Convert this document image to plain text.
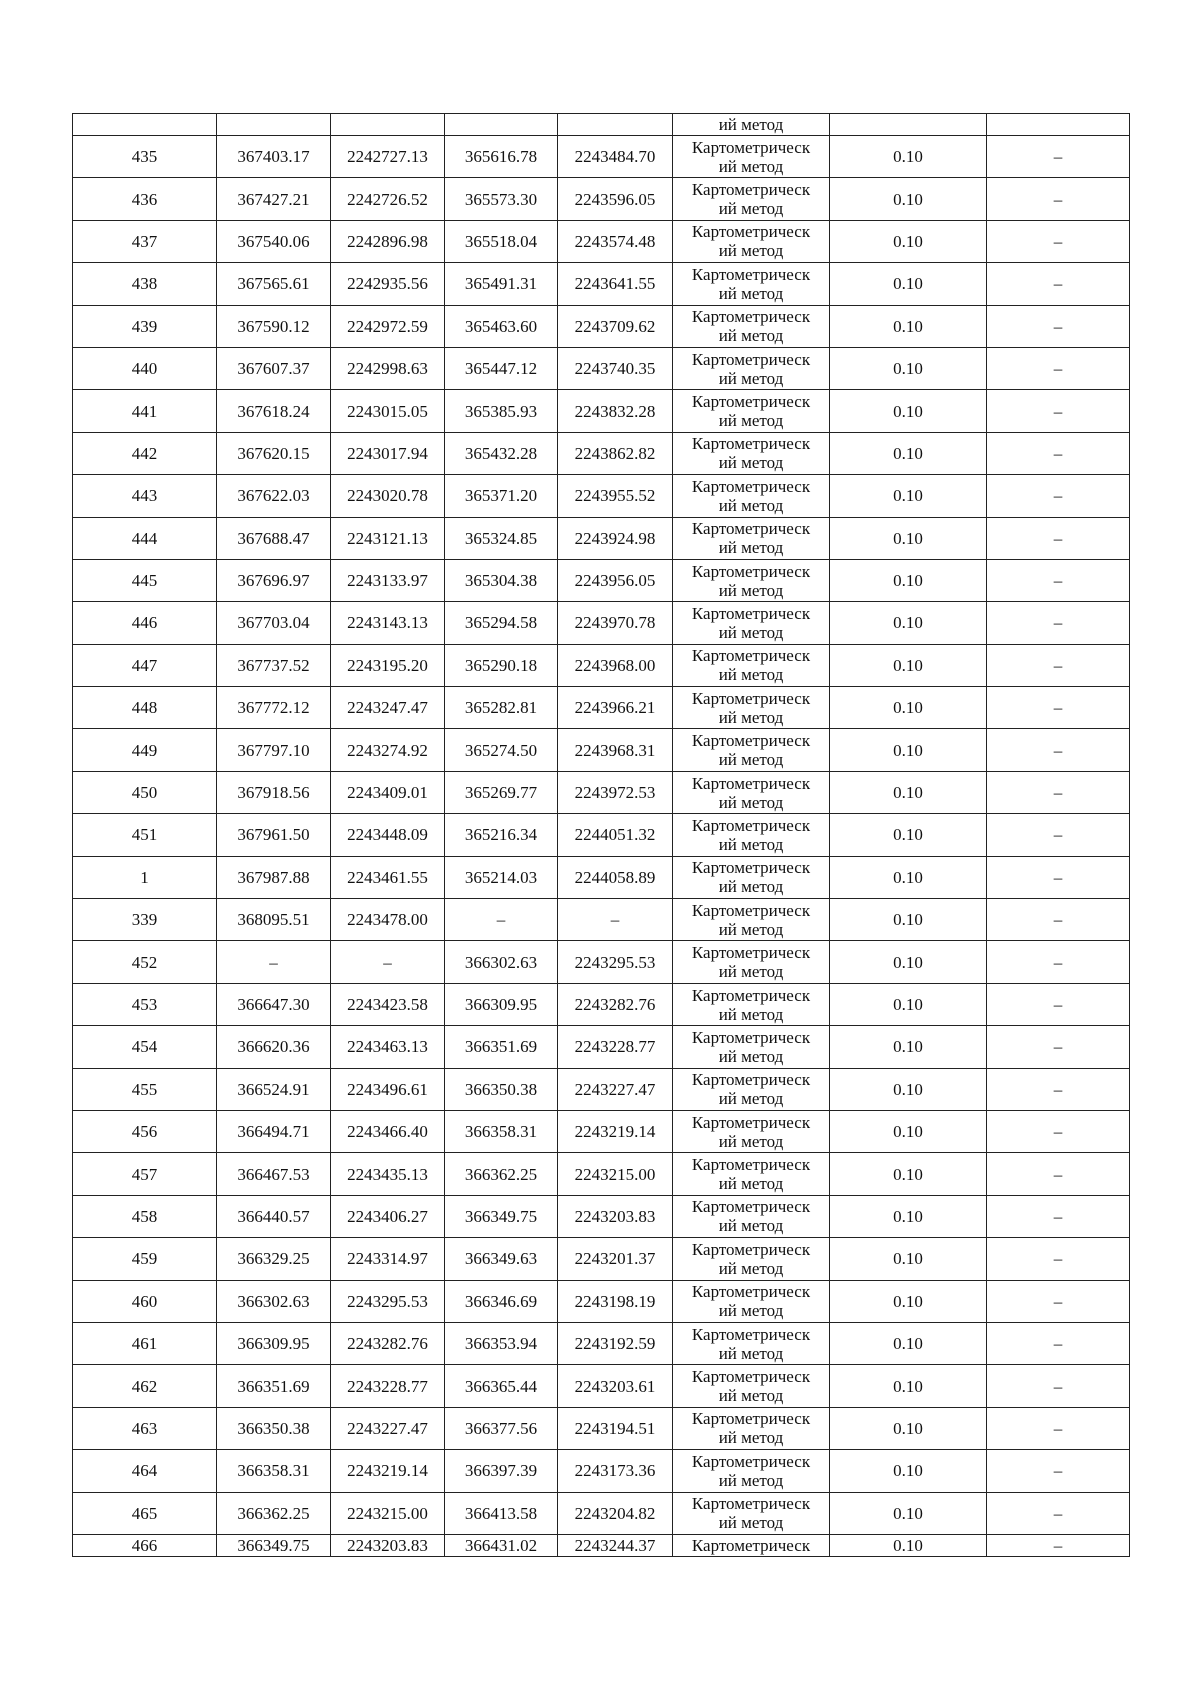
					ий метод		

435	367403.17	2242727.13	365616.78	2243484.70	Картометрическ
ий метод	0.10	–
436	367427.21	2242726.52	365573.30	2243596.05	Картометрическ
ий метод	0.10	–
437	367540.06	2242896.98	365518.04	2243574.48	Картометрическ
ий метод	0.10	–
438	367565.61	2242935.56	365491.31	2243641.55	Картометрическ
ий метод	0.10	–
439	367590.12	2242972.59	365463.60	2243709.62	Картометрическ
ий метод	0.10	–
440	367607.37	2242998.63	365447.12	2243740.35	Картометрическ
ий метод	0.10	–
441	367618.24	2243015.05	365385.93	2243832.28	Картометрическ
ий метод	0.10	–
442	367620.15	2243017.94	365432.28	2243862.82	Картометрическ
ий метод	0.10	–
443	367622.03	2243020.78	365371.20	2243955.52	Картометрическ
ий метод	0.10	–
444	367688.47	2243121.13	365324.85	2243924.98	Картометрическ
ий метод	0.10	–
445	367696.97	2243133.97	365304.38	2243956.05	Картометрическ
ий метод	0.10	–
446	367703.04	2243143.13	365294.58	2243970.78	Картометрическ
ий метод	0.10	–
447	367737.52	2243195.20	365290.18	2243968.00	Картометрическ
ий метод	0.10	–
448	367772.12	2243247.47	365282.81	2243966.21	Картометрическ
ий метод	0.10	–
449	367797.10	2243274.92	365274.50	2243968.31	Картометрическ
ий метод	0.10	–
450	367918.56	2243409.01	365269.77	2243972.53	Картометрическ
ий метод	0.10	–
451	367961.50	2243448.09	365216.34	2244051.32	Картометрическ
ий метод	0.10	–
1	367987.88	2243461.55	365214.03	2244058.89	Картометрическ
ий метод	0.10	–
339	368095.51	2243478.00	–	–	Картометрическ
ий метод	0.10	–
452	–	–	366302.63	2243295.53	Картометрическ
ий метод	0.10	–
453	366647.30	2243423.58	366309.95	2243282.76	Картометрическ
ий метод	0.10	–
454	366620.36	2243463.13	366351.69	2243228.77	Картометрическ
ий метод	0.10	–
455	366524.91	2243496.61	366350.38	2243227.47	Картометрическ
ий метод	0.10	–
456	366494.71	2243466.40	366358.31	2243219.14	Картометрическ
ий метод	0.10	–
457	366467.53	2243435.13	366362.25	2243215.00	Картометрическ
ий метод	0.10	–
458	366440.57	2243406.27	366349.75	2243203.83	Картометрическ
ий метод	0.10	–
459	366329.25	2243314.97	366349.63	2243201.37	Картометрическ
ий метод	0.10	–
460	366302.63	2243295.53	366346.69	2243198.19	Картометрическ
ий метод	0.10	–
461	366309.95	2243282.76	366353.94	2243192.59	Картометрическ
ий метод	0.10	–
462	366351.69	2243228.77	366365.44	2243203.61	Картометрическ
ий метод	0.10	–
463	366350.38	2243227.47	366377.56	2243194.51	Картометрическ
ий метод	0.10	–
464	366358.31	2243219.14	366397.39	2243173.36	Картометрическ
ий метод	0.10	–
465	366362.25	2243215.00	366413.58	2243204.82	Картометрическ
ий метод	0.10	–
466	366349.75	2243203.83	366431.02	2243244.37	Картометрическ	0.10	–
